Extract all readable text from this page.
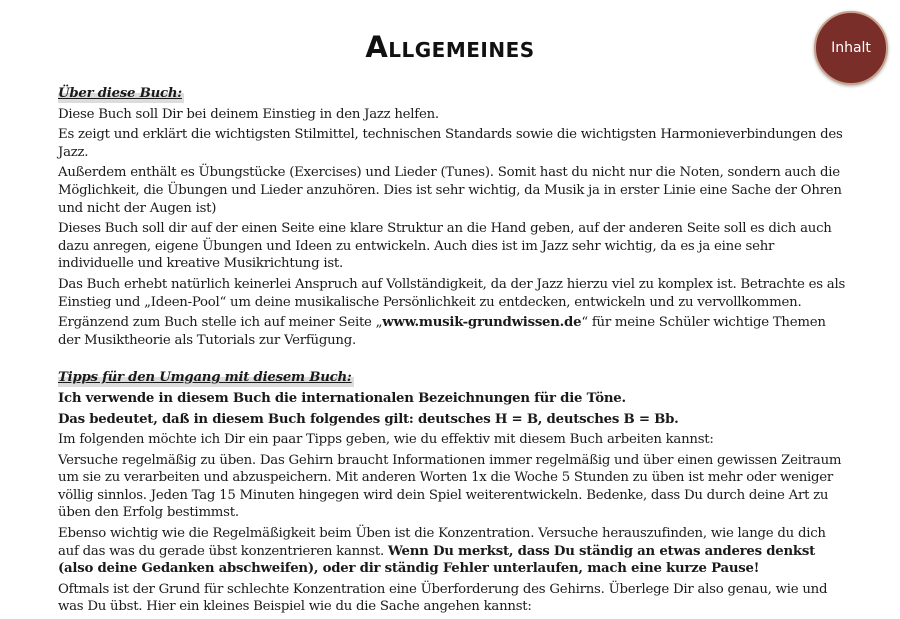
Allgemeines	Inhalt
Über diese Buch:

Diese Buch soll Dir bei deinem Einstieg in den Jazz helfen.

Es zeigt und erklärt die wichtigsten Stilmittel, technischen Standards sowie die wichtigsten Harmonieverbindungen des Jazz.

Außerdem enthält es Übungstücke (Exercises) und Lieder (Tunes). Somit hast du nicht nur die Noten, sondern auch die Möglichkeit, die Übungen und Lieder anzuhören. Dies ist sehr wichtig, da Musik ja in erster Linie eine Sache der Ohren und nicht der Augen ist)

Dieses Buch soll dir auf der einen Seite eine klare Struktur an die Hand geben, auf der anderen Seite soll es dich auch dazu anregen, eigene Übungen und Ideen zu entwickeln. Auch dies ist im Jazz sehr wichtig, da es ja eine sehr individuelle und kreative Musikrichtung ist.

Das Buch erhebt natürlich keinerlei Anspruch auf Vollständigkeit, da der Jazz hierzu viel zu komplex ist. Betrachte es als Einstieg und „Ideen-Pool“ um deine musikalische Persönlichkeit zu entdecken, entwickeln und zu vervollkommen.

Ergänzend zum Buch stelle ich auf meiner Seite „www.musik-grundwissen.de“ für meine Schüler wichtige Themen der Musiktheorie als Tutorials zur Verfügung.

Tipps für den Umgang mit diesem Buch:

Ich verwende in diesem Buch die internationalen Bezeichnungen für die Töne.

Das bedeutet, daß in diesem Buch folgendes gilt: deutsches H = B, deutsches B = Bb.

Im folgenden möchte ich Dir ein paar Tipps geben, wie du effektiv mit diesem Buch arbeiten kannst:

Versuche regelmäßig zu üben. Das Gehirn braucht Informationen immer regelmäßig und über einen gewissen Zeitraum um sie zu verarbeiten und abzuspeichern. Mit anderen Worten 1x die Woche 5 Stunden zu üben ist mehr oder weniger völlig sinnlos. Jeden Tag 15 Minuten hingegen wird dein Spiel weiterentwickeln. Bedenke, dass Du durch deine Art zu üben den Erfolg bestimmst.

Ebenso wichtig wie die Regelmäßigkeit beim Üben ist die Konzentration. Versuche herauszufinden, wie lange du dich auf das was du gerade übst konzentrieren kannst. Wenn Du merkst, dass Du ständig an etwas anderes denkst (also deine Gedanken abschweifen), oder dir ständig Fehler unterlaufen, mach eine kurze Pause!

Oftmals ist der Grund für schlechte Konzentration eine Überforderung des Gehirns. Überlege Dir also genau, wie und was Du übst. Hier ein kleines Beispiel wie du die Sache angehen kannst:
